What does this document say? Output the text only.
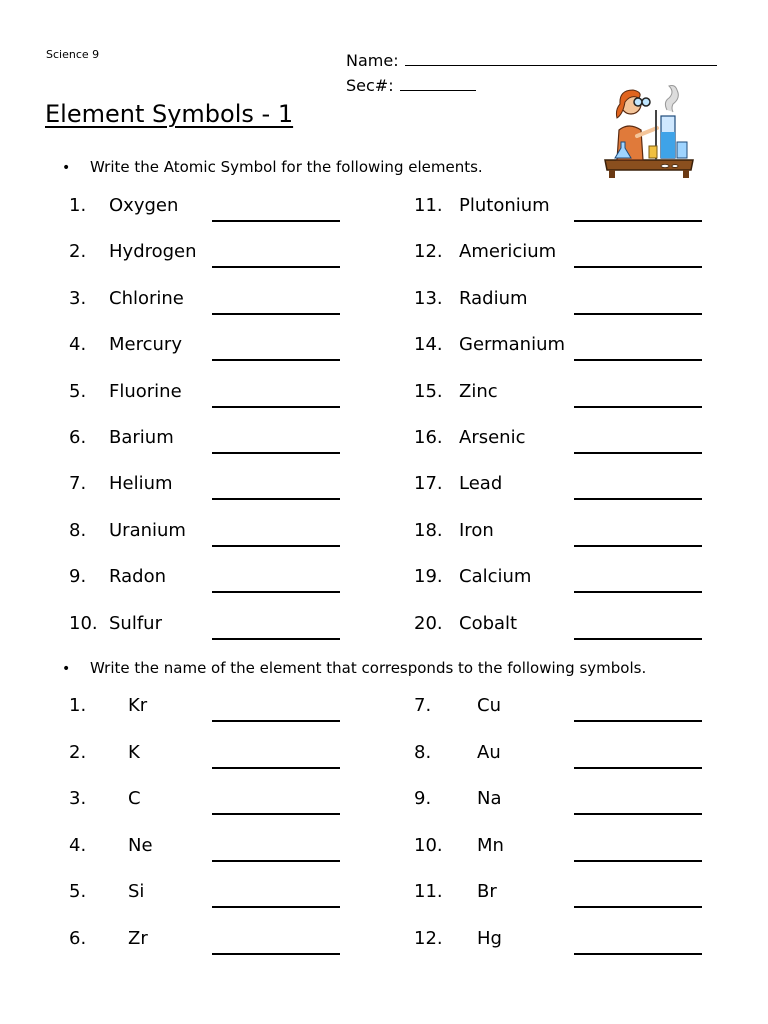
Science 9	Name:
Sec#:
Element Symbols - 1
• Write the Atomic Symbol for the following elements.
1. Oxygen
2. Hydrogen
3. Chlorine
4. Mercury
5. Fluorine
6. Barium
7. Helium
8. Uranium
9. Radon
10. Sulfur
11. Plutonium
12. Americium
13. Radium
14. Germanium
15. Zinc
16. Arsenic
17. Lead
18. Iron
19. Calcium
20. Cobalt
• Write the name of the element that corresponds to the following symbols.
1. Kr
2. K
3. C
4. Ne
5. Si
6. Zr
7.	Cu
8.	Au
9.	Na
10. Mn
11. Br
12. Hg
